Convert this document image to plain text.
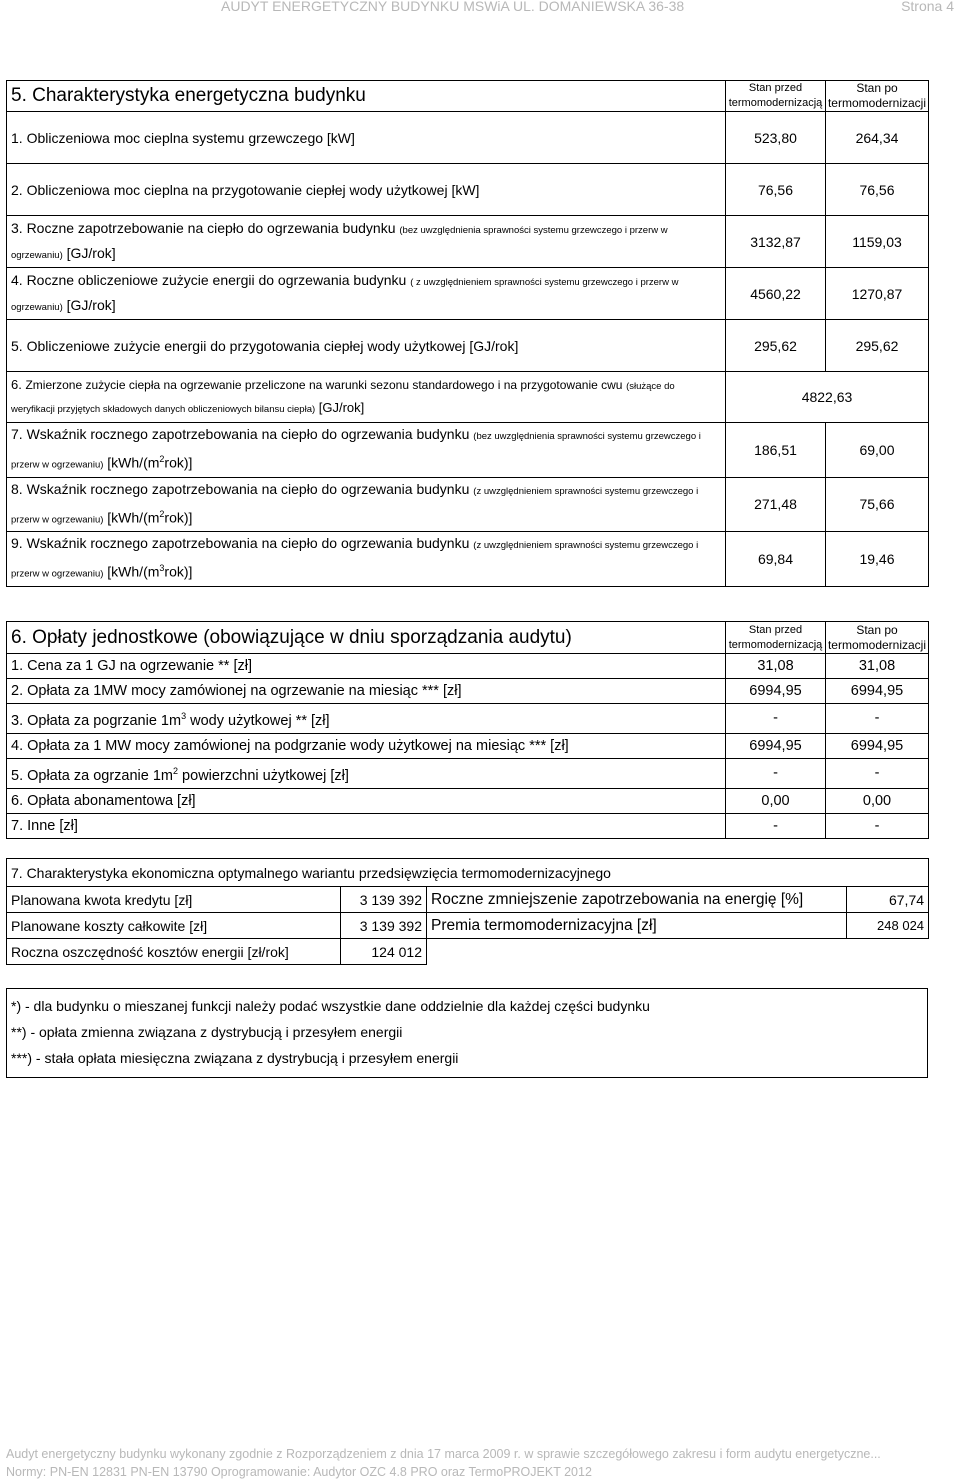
AUDYT ENERGETYCZNY BUDYNKU MSWiA UL. DOMANIEWSKA 36-38	Strona 4
5. Charakterystyka energetyczna budynku	Stan przed termomodernizacją	Stan po termomodernizacji
1. Obliczeniowa moc cieplna systemu grzewczego [kW]	523,80	264,34
2. Obliczeniowa moc cieplna na przygotowanie ciepłej wody użytkowej [kW]	76,56	76,56
3. Roczne zapotrzebowanie na ciepło do ogrzewania budynku (bez uwzględnienia sprawności systemu grzewczego i przerw w ogrzewaniu) [GJ/rok]	3132,87	1159,03
4. Roczne obliczeniowe zużycie energii do ogrzewania budynku ( z uwzględnieniem sprawności systemu grzewczego i przerw w ogrzewaniu) [GJ/rok]	4560,22	1270,87
5. Obliczeniowe zużycie energii do przygotowania ciepłej wody użytkowej [GJ/rok]	295,62	295,62
6. Zmierzone zużycie ciepła na ogrzewanie przeliczone na warunki sezonu standardowego i na przygotowanie cwu (służące do weryfikacji przyjętych składowych danych obliczeniowych bilansu ciepła) [GJ/rok]	4822,63	
7. Wskaźnik rocznego zapotrzebowania na ciepło do ogrzewania budynku (bez uwzględnienia sprawności systemu grzewczego i przerw w ogrzewaniu) $[kWh/(m^2rok)]$	186,51	69,00
8. Wskaźnik rocznego zapotrzebowania na ciepło do ogrzewania budynku (z uwzględnieniem sprawności systemu grzewczego i przerw w ogrzewaniu) $[kWh/(m^2rok)]$	271,48	75,66
9. Wskaźnik rocznego zapotrzebowania na ciepło do ogrzewania budynku (z uwzględnieniem sprawności systemu grzewczego i przerw w ogrzewaniu) $[kWh/(m^3rok)]$	69,84	19,46
6. Opłaty jednostkowe (obowiązujące w dniu sporządzania audytu)	Stan przed termomodernizacją	Stan po termomodernizacji
1. Cena za 1 GJ na ogrzewanie ** [zł]	31,08	31,08
2. Opłata za 1MW mocy zamówionej na ogrzewanie na miesiąc *** [zł]	6994,95	6994,95
3. Opłata za pogrzanie $1m^3$ wody użytkowej ** [zł]	-	-
4. Opłata za 1 MW mocy zamówionej na podgrzanie wody użytkowej na miesiąc *** [zł]	6994,95	6994,95
5. Opłata za ogrzanie $1m^2$ powierzchni użytkowej [zł]	-	-
6. Opłata abonamentowa [zł]	0,00	0,00
7. Inne [zł]	-	-
7. Charakterystyka ekonomiczna optymalnego wariantu przedsięwzięcia termomodernizacyjnego			
Planowana kwota kredytu [zł]	3 139 392	Roczne zmniejszenie zapotrzebowania na energię [%]	67,74
Planowane koszty całkowite [zł]	3 139 392	Premia termomodernizacyjna [zł]	248 024
Roczna oszczędność kosztów energii [zł/rok]	124 012		
*) - dla budynku o mieszanej funkcji należy podać wszystkie dane oddzielnie dla każdej części budynku
**) - opłata zmienna związana z dystrybucją i przesyłem energii
***) - stała opłata miesięczna związana z dystrybucją i przesyłem energii
Audyt energetyczny budynku wykonany zgodnie z Rozporządzeniem z dnia 17 marca 2009 r. w sprawie szczegółowego zakresu i form audytu energetyczne...
Normy: PN-EN 12831 PN-EN 13790 Oprogramowanie: Audytor OZC 4.8 PRO oraz TermoPROJEKT 2012
